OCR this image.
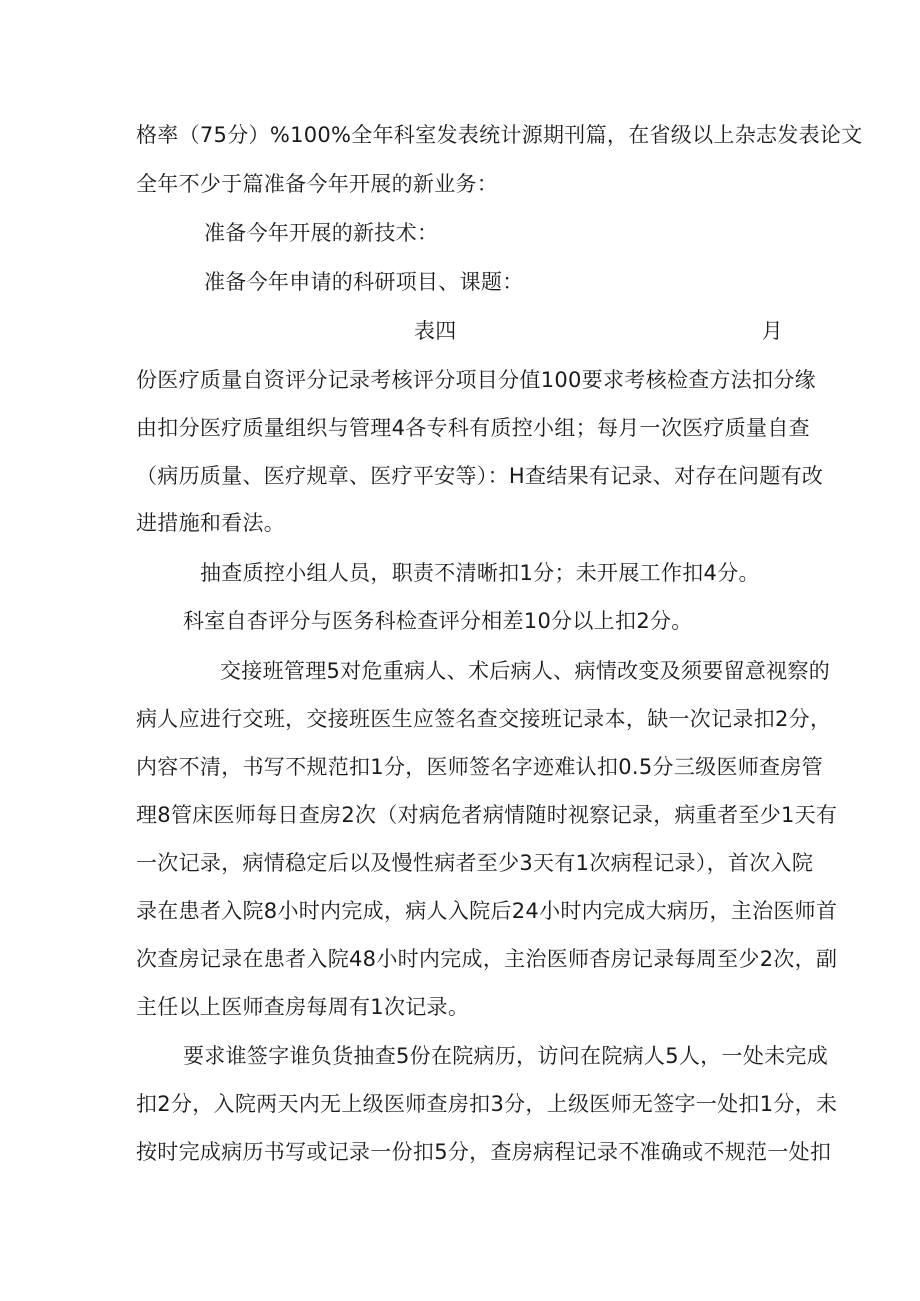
格率（75分）%100%全年科室发表统计源期刊篇，在省级以上杂志发表论文
全年不少于篇准备今年开展的新业务：
准备今年开展的新技术：
准备今年申请的科研项目、课题：
表四	月
份医疗质量自资评分记录考核评分项目分值100要求考核检查方法扣分缘
由扣分医疗质量组织与管理4各专科有质控小组；每月一次医疗质量自查
（病历质量、医疗规章、医疗平安等）：H查结果有记录、对存在问题有改
进措施和看法。
抽查质控小组人员，职责不清晰扣1分；未开展工作扣4分。
科室自杳评分与医务科检查评分相差10分以上扣2分。
交接班管理5对危重病人、术后病人、病情改变及须要留意视察的
病人应进行交班，交接班医生应签名查交接班记录本，缺一次记录扣2分，
内容不清，书写不规范扣1分，医师签名字迹难认扣0.5分三级医师查房管
理8管床医师每日查房2次（对病危者病情随时视察记录，病重者至少1天有
一次记录，病情稳定后以及慢性病者至少3天有1次病程记录），首次入院
录在患者入院8小时内完成，病人入院后24小时内完成大病历，主治医师首
次查房记录在患者入院48小时内完成，主治医师杳房记录每周至少2次，副
主任以上医师查房每周有1次记录。
要求谁签字谁负货抽查5份在院病历，访问在院病人5人，一处未完成
扣2分，入院两天内无上级医师查房扣3分，上级医师无签字一处扣1分，未
按时完成病历书写或记录一份扣5分，查房病程记录不准确或不规范一处扣
